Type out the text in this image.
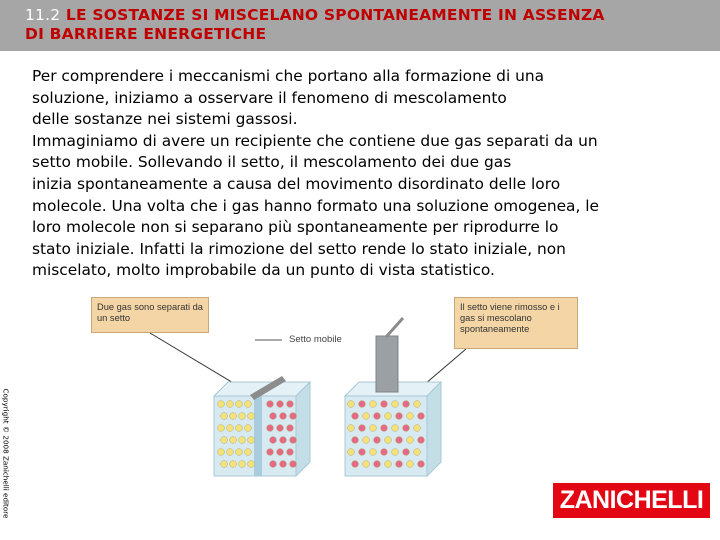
11.2 LE SOSTANZE SI MISCELANO SPONTANEAMENTE IN ASSENZA
DI BARRIERE ENERGETICHE

Per comprendere i meccanismi che portano alla formazione di una

soluzione, iniziamo a osservare il fenomeno di mescolamento

delle sostanze nei sistemi gassosi.

Immaginiamo di avere un recipiente che contiene due gas separati da un

setto mobile. Sollevando il setto, il mescolamento dei due gas

inizia spontaneamente a causa del movimento disordinato delle loro

molecole. Una volta che i gas hanno formato una soluzione omogenea, le

loro molecole non si separano più spontaneamente per riprodurre lo

stato iniziale. Infatti la rimozione del setto rende lo stato iniziale, non

miscelato, molto improbabile da un punto di vista statistico.

Due gas sono separati da un setto
Il setto viene rimosso e i gas si mescolano spontaneamente
Setto mobile
Copyright © 2008 Zanichelli editore	ZANICHELLI
